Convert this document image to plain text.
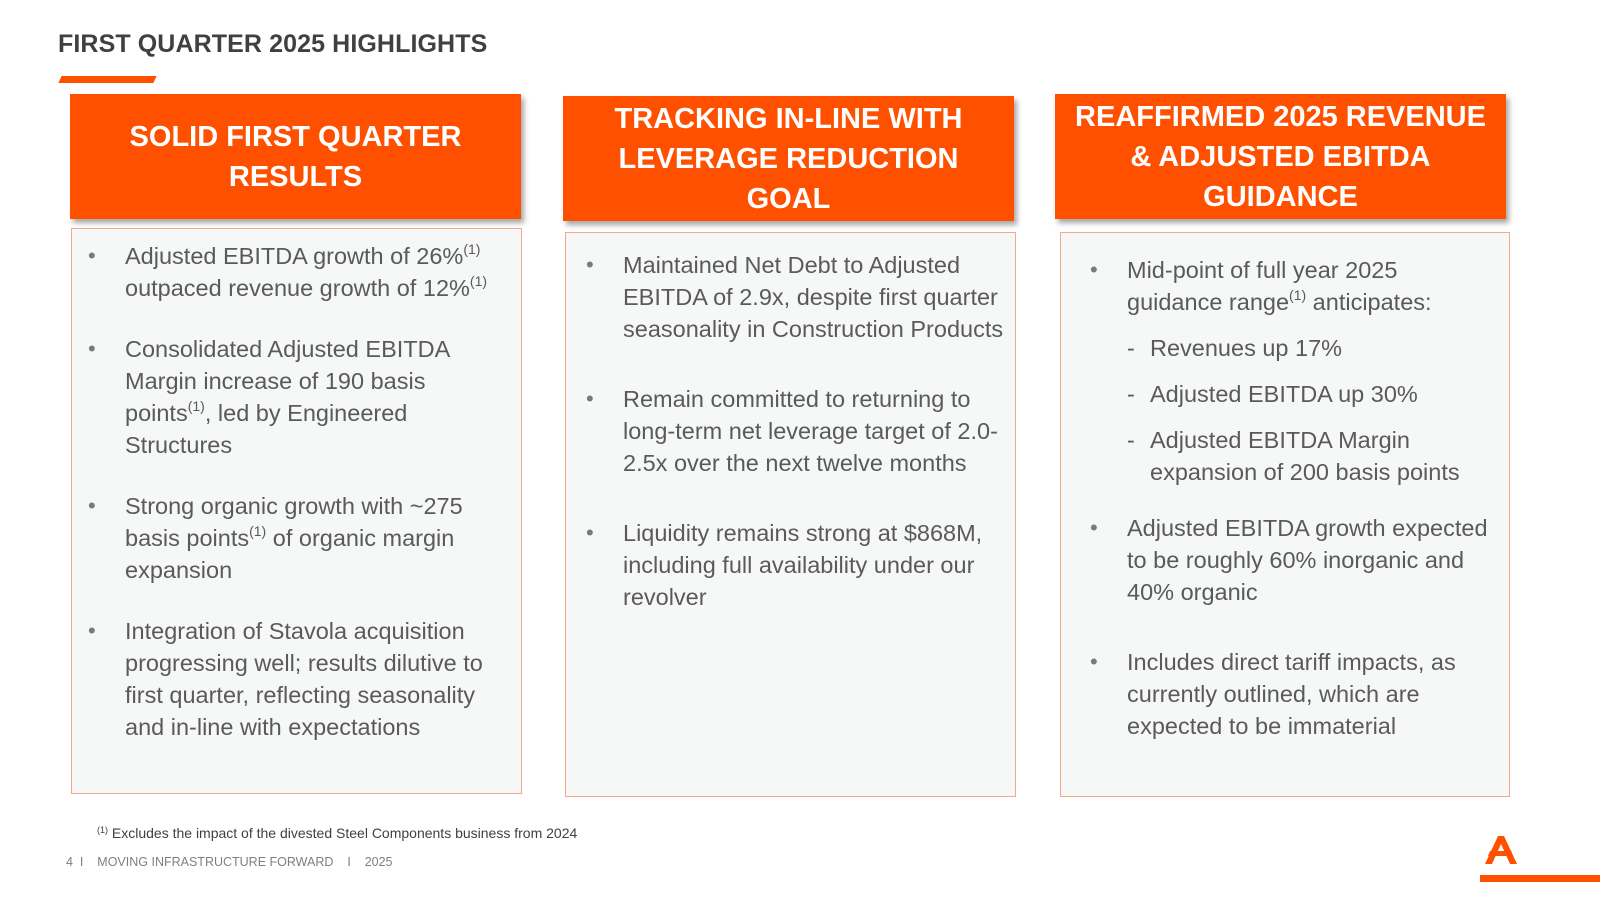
FIRST QUARTER 2025 HIGHLIGHTS
SOLID FIRST QUARTER RESULTS
• Adjusted EBITDA growth of 26%$^{(1)}$
outpaced revenue growth of 12%$^{(1)}$
• Consolidated Adjusted EBITDA Margin increase of 190 basis points$^{(1)}$, led by Engineered Structures
• Strong organic growth with ~275 basis points$^{(1)}$ of organic margin expansion
• Integration of Stavola acquisition progressing well; results dilutive to first quarter, reflecting seasonality and in-line with expectations
TRACKING IN-LINE WITH LEVERAGE REDUCTION GOAL
• Maintained Net Debt to Adjusted EBITDA of 2.9x, despite first quarter seasonality in Construction Products
• Remain committed to returning to long-term net leverage target of 2.0-2.5x over the next twelve months
• Liquidity remains strong at $868M, including full availability under our revolver
REAFFIRMED 2025 REVENUE & ADJUSTED EBITDA GUIDANCE
• Mid-point of full year 2025 guidance range$^{(1)}$ anticipates:
- Revenues up 17%
- Adjusted EBITDA up 30%
- Adjusted EBITDA Margin expansion of 200 basis points
• Adjusted EBITDA growth expected to be roughly 60% inorganic and 40% organic
• Includes direct tariff impacts, as currently outlined, which are expected to be immaterial
$^{(1)}$ Excludes the impact of the divested Steel Components business from 2024
4 I MOVING INFRASTRUCTURE FORWARD I 2025
